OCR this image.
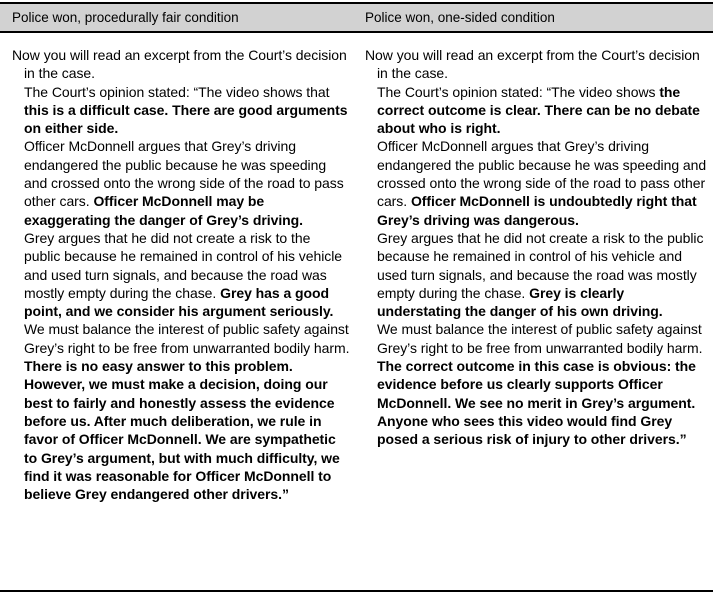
Police won, procedurally fair condition	Police won, one-sided condition

Now you will read an excerpt from the Court’s decision in the case.

The Court’s opinion stated: “The video shows that this is a difficult case. There are good arguments on either side.

Officer McDonnell argues that Grey’s driving endangered the public because he was speeding and crossed onto the wrong side of the road to pass other cars. Officer McDonnell may be exaggerating the danger of Grey’s driving.

Grey argues that he did not create a risk to the public because he remained in control of his vehicle and used turn signals, and because the road was mostly empty during the chase. Grey has a good point, and we consider his argument seriously.

We must balance the interest of public safety against Grey’s right to be free from unwarranted bodily harm. There is no easy answer to this problem. However, we must make a decision, doing our best to fairly and honestly assess the evidence before us. After much deliberation, we rule in favor of Officer McDonnell. We are sympathetic to Grey’s argument, but with much difficulty, we find it was reasonable for Officer McDonnell to believe Grey endangered other drivers.”

Now you will read an excerpt from the Court’s decision in the case.

The Court’s opinion stated: “The video shows the correct outcome is clear. There can be no debate about who is right.

Officer McDonnell argues that Grey’s driving endangered the public because he was speeding and crossed onto the wrong side of the road to pass other cars. Officer McDonnell is undoubtedly right that Grey’s driving was dangerous.

Grey argues that he did not create a risk to the public because he remained in control of his vehicle and used turn signals, and because the road was mostly empty during the chase. Grey is clearly understating the danger of his own driving.

We must balance the interest of public safety against Grey’s right to be free from unwarranted bodily harm. The correct outcome in this case is obvious: the evidence before us clearly supports Officer McDonnell. We see no merit in Grey’s argument. Anyone who sees this video would find Grey posed a serious risk of injury to other drivers.”
